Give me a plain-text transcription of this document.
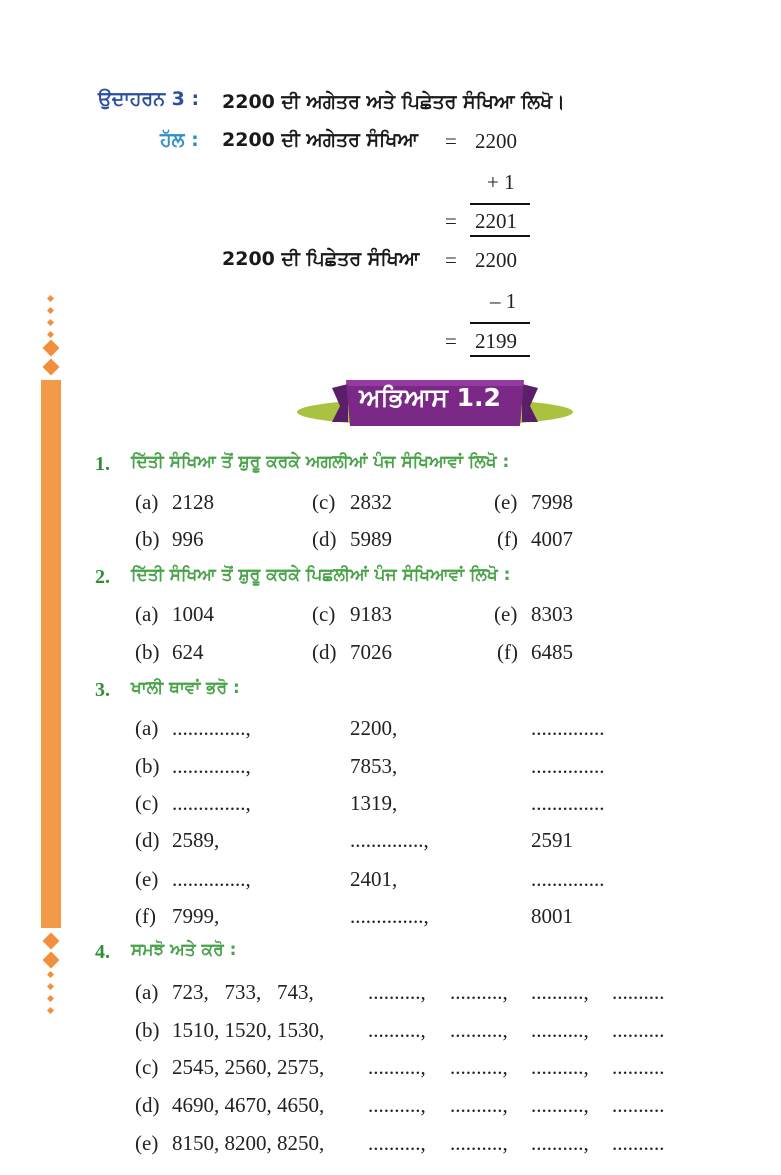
ਉਦਾਹਰਨ 3 : 2200 ਦੀ ਅਗੇਤਰ ਅਤੇ ਪਿਛੇਤਰ ਸੰਖਿਆ ਲਿਖੋ।
ਹੱਲ : 2200 ਦੀ ਅਗੇਤਰ ਸੰਖਿਆ = 2200
+ 1
= 2201
2200 ਦੀ ਪਿਛੇਤਰ ਸੰਖਿਆ = 2200
– 1
= 2199
ਅਭਿਆਸ 1.2
1. ਦਿੱਤੀ ਸੰਖਿਆ ਤੋਂ ਸ਼ੁਰੂ ਕਰਕੇ ਅਗਲੀਆਂ ਪੰਜ ਸੰਖਿਆਵਾਂ ਲਿਖੋ :
(a) 2128	(c) 2832	(e) 7998
(b) 996	(d) 5989	(f) 4007
2. ਦਿੱਤੀ ਸੰਖਿਆ ਤੋਂ ਸ਼ੁਰੂ ਕਰਕੇ ਪਿਛਲੀਆਂ ਪੰਜ ਸੰਖਿਆਵਾਂ ਲਿਖੋ :
(a) 1004	(c) 9183	(e) 8303
(b) 624	(d) 7026	(f) 6485
3. ਖਾਲੀ ਥਾਵਾਂ ਭਰੋ :
(a) ..............,	2200,	..............
(b) ..............,	7853,	..............
(c) ..............,	1319,	..............
(d) 2589,	..............,	2591
(e) ..............,	2401,	..............
(f) 7999,	..............,	8001
4. ਸਮਝੋ ਅਤੇ ਕਰੋ :
(a) 723,   733,   743,	.........., .........., .........., ..........
(b) 1510, 1520, 1530, .........., .........., .........., ..........
(c) 2545, 2560, 2575, .........., .........., .........., ..........
(d) 4690, 4670, 4650, .........., .........., .........., ..........
(e) 8150, 8200, 8250, .........., .........., .........., ..........
